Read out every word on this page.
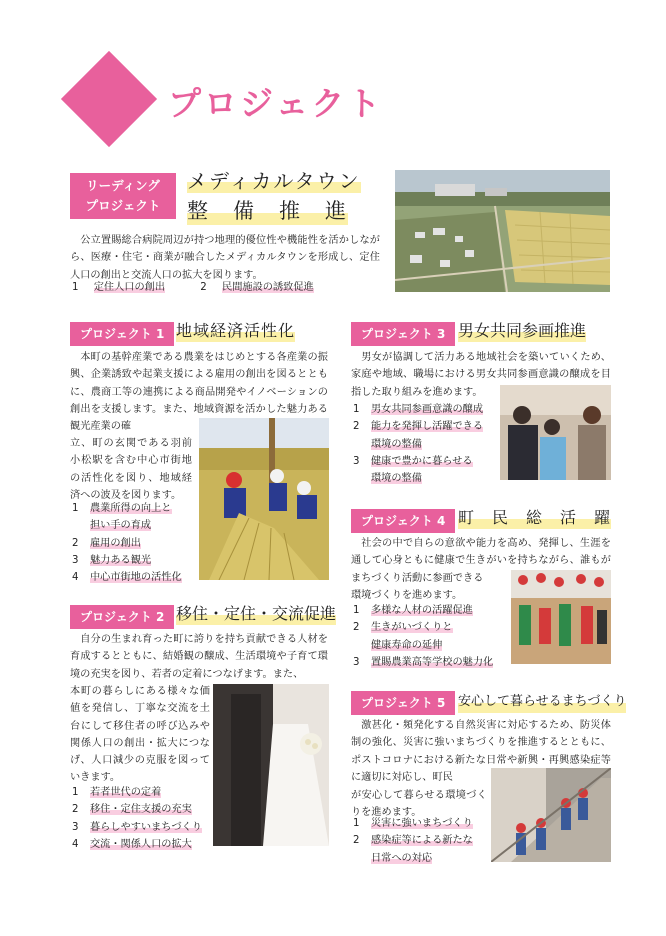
プロジェクト
リーディング
プロジェクト
メディカルタウン
整　備　推　進

公立置賜総合病院周辺が持つ地理的優位性や機能性を活かしながら、医療・住宅・商業が融合したメディカルタウンを形成し、定住人口の創出と交流人口の拡大を図ります。

1 定住人口の創出	2 民間施設の誘致促進
プロジェクト 1 地域経済活性化

本町の基幹産業である農業をはじめとする各産業の振興、企業誘致や起業支援による雇用の創出を図るとともに、農商工等の連携による商品開発やイノベーションの創出を支援します。また、地域資源を活かした魅力ある観光産業の確

立、町の玄関である羽前小松駅を含む中心市街地の活性化を図り、地域経済への波及を図ります。

1 農業所得の向上と
担い手の育成
2 雇用の創出
3 魅力ある観光
4 中心市街地の活性化
プロジェクト 2 移住・定住・交流促進

自分の生まれ育った町に誇りを持ち貢献できる人材を育成するとともに、結婚観の醸成、生活環境や子育て環境の充実を図り、若者の定着につなげます。また、

本町の暮らしにある様々な価値を発信し、丁寧な交流を土台にして移住者の呼び込みや関係人口の創出・拡大につなげ、人口減少の克服を図っていきます。

1 若者世代の定着
2 移住・定住支援の充実
3 暮らしやすいまちづくり
4 交流・関係人口の拡大
プロジェクト 3 男女共同参画推進

男女が協調して活力ある地域社会を築いていくため、家庭や地域、職場における男女共同参画意識の醸成を目指した取り組みを進めます。

1 男女共同参画意識の醸成
2 能力を発揮し活躍できる
環境の整備
3 健康で豊かに暮らせる
環境の整備
プロジェクト 4 町　民　総　活　躍

社会の中で自らの意欲や能力を高め、発揮し、生涯を通して心身ともに健康で生きがいを持ちながら、誰もがまちづくり活動に参画できる

環境づくりを進めます。

1 多様な人材の活躍促進
2 生きがいづくりと
健康寿命の延伸
3 置賜農業高等学校の魅力化
プロジェクト 5 安心して暮らせるまちづくり

激甚化・頻発化する自然災害に対応するため、防災体制の強化、災害に強いまちづくりを推進するとともに、ポストコロナにおける新たな日常や新興・再興感染症等に適切に対応し、町民

が安心して暮らせる環境づくりを進めます。

1 災害に強いまちづくり
2 感染症等による新たな
日常への対応
